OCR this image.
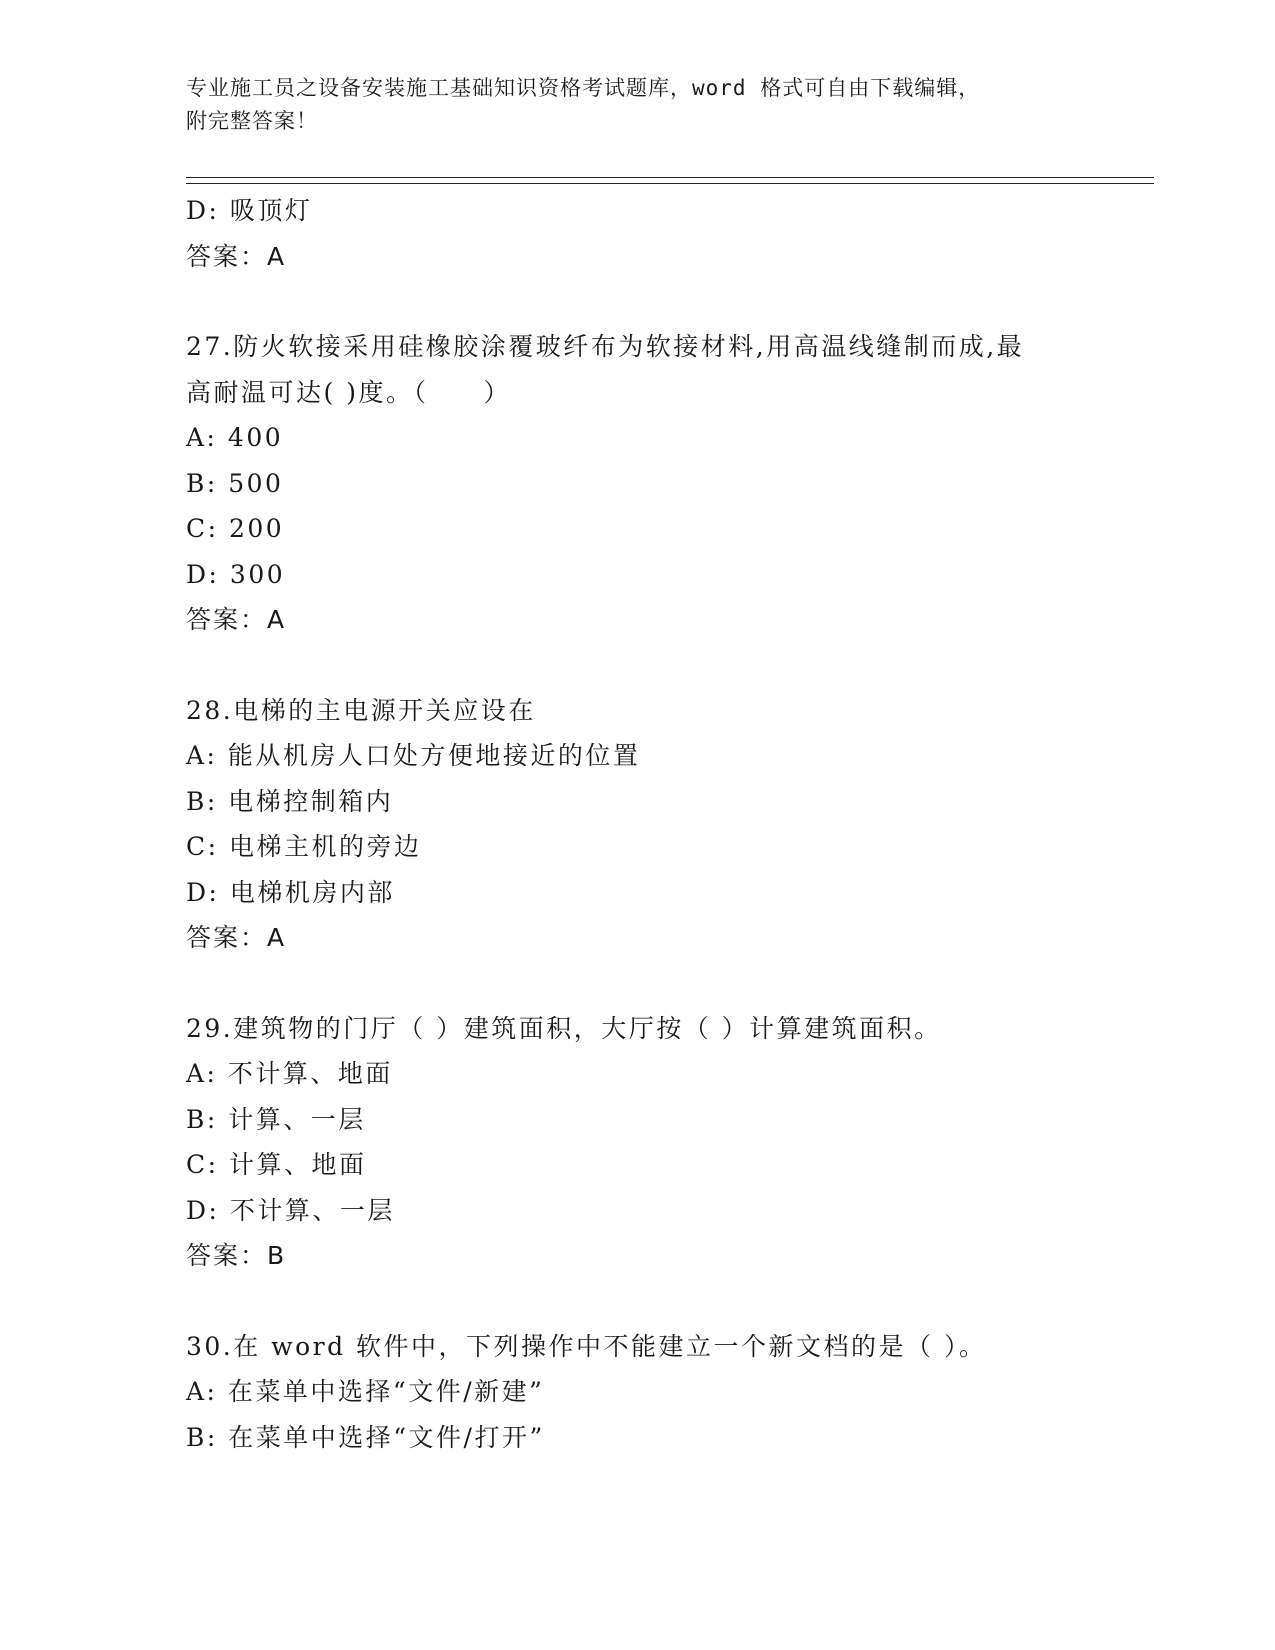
专业施工员之设备安装施工基础知识资格考试题库，word 格式可自由下载编辑，
附完整答案！
D: 吸顶灯
答案：A
27.防火软接采用硅橡胶涂覆玻纤布为软接材料,用高温线缝制而成,最
高耐温可达( )度。（　　）
A: 400
B: 500
C: 200
D: 300
答案：A
28.电梯的主电源开关应设在
A: 能从机房人口处方便地接近的位置
B: 电梯控制箱内
C: 电梯主机的旁边
D: 电梯机房内部
答案：A
29.建筑物的门厅（ ）建筑面积，大厅按（ ）计算建筑面积。
A: 不计算、地面
B: 计算、一层
C: 计算、地面
D: 不计算、一层
答案：B
30.在 word 软件中，下列操作中不能建立一个新文档的是（ ）。
A: 在菜单中选择“文件/新建”
B: 在菜单中选择“文件/打开”
